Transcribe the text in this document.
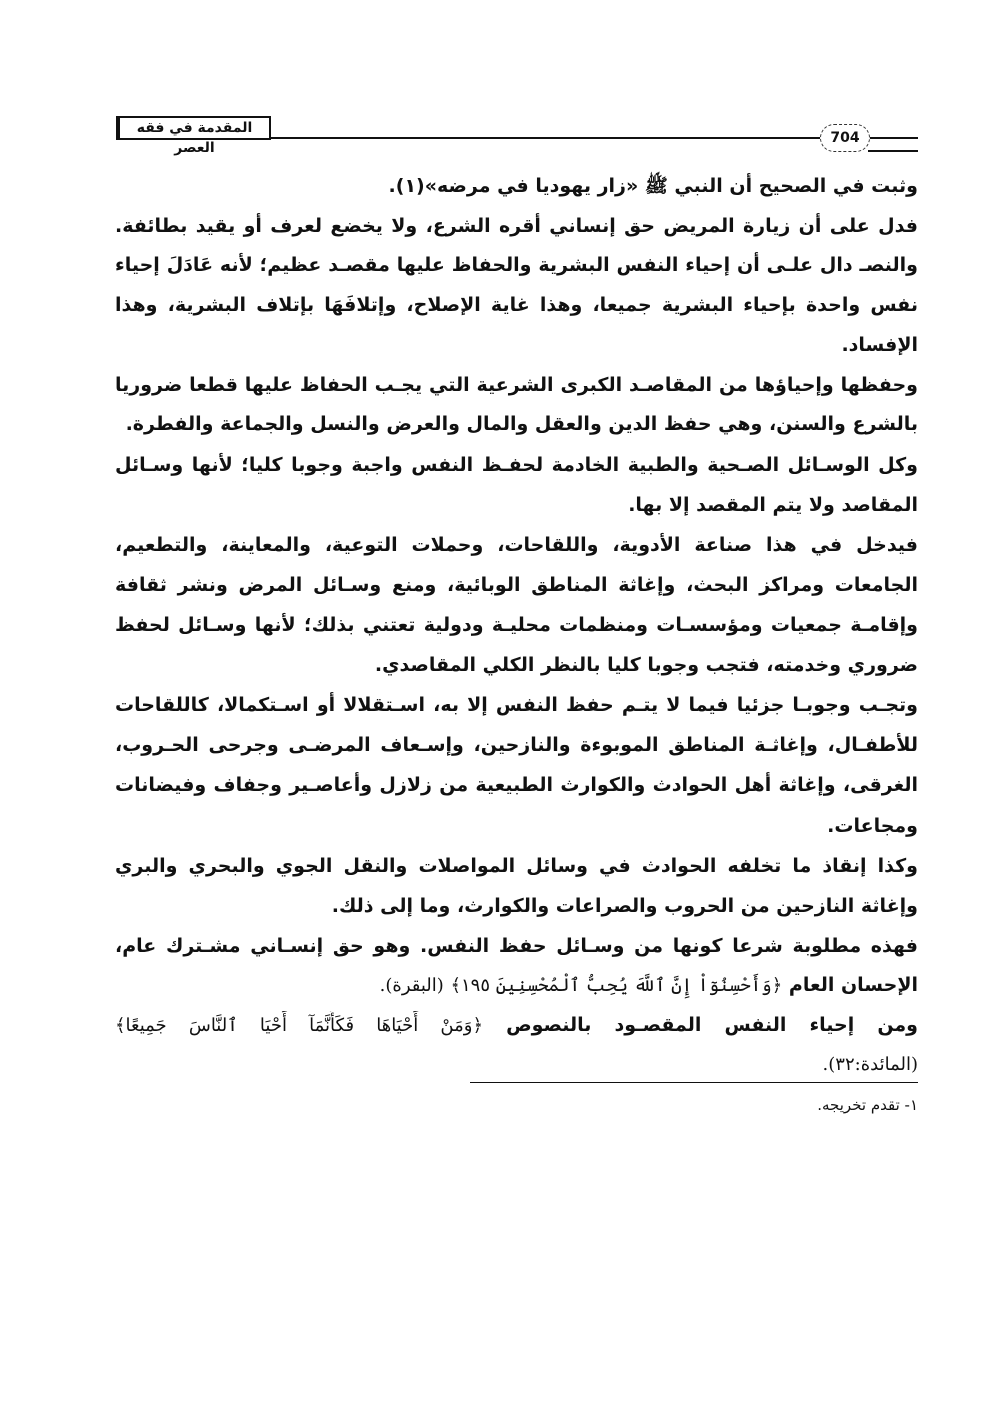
المقدمة في فقه العصر
704
وثبت في الصحيح أن النبي ﷺ «زار يهوديا في مرضه»(١).
فدل على أن زيارة المريض حق إنساني أقره الشرع، ولا يخضع لعرف أو يقيد بطائفة.
والنصـ دال علـى أن إحياء النفس البشرية والحفاظ عليها مقصـد عظيم؛ لأنه عَادَلَ إحياء
نفس واحدة بإحياء البشرية جميعا، وهذا غاية الإصلاح، وإتلافَهَا بإتلاف البشرية، وهذا
الإفساد.
وحفظها وإحياؤها من المقاصـد الكبرى الشرعية التي يجـب الحفاظ عليها قطعا ضروريا
بالشرع والسنن، وهي حفظ الدين والعقل والمال والعرض والنسل والجماعة والفطرة.
وكل الوسـائل الصـحية والطبية الخادمة لحفـظ النفس واجبة وجوبا كليا؛ لأنها وسـائل
المقاصد ولا يتم المقصد إلا بها.
فيدخل في هذا صناعة الأدوية، واللقاحات، وحملات التوعية، والمعاينة، والتطعيم،
الجامعات ومراكز البحث، وإغاثة المناطق الوبائية، ومنع وسـائل المرض ونشر ثقافة
وإقامـة جمعيات ومؤسسـات ومنظمات محليـة ودولية تعتني بذلك؛ لأنها وسـائل لحفظ
ضروري وخدمته، فتجب وجوبا كليا بالنظر الكلي المقاصدي.
وتجـب وجوبـا جزئيا فيما لا يتـم حفظ النفس إلا به، اسـتقلالا أو اسـتكمالا، كاللقاحات
للأطفـال، وإغاثـة المناطق الموبوءة والنازحين، وإسـعاف المرضـى وجرحى الحـروب،
الغرقى، وإغاثة أهل الحوادث والكوارث الطبيعية من زلازل وأعاصـير وجفاف وفيضانات
ومجاعات.
وكذا إنقاذ ما تخلفه الحوادث في وسائل المواصلات والنقل الجوي والبحري والبري
وإغاثة النازحين من الحروب والصراعات والكوارث، وما إلى ذلك.
فهذه مطلوبة شرعا كونها من وسـائل حفظ النفس. وهو حق إنسـاني مشـترك عام،
الإحسان العام ﴿وَأَحْسِنُوٓاْ إِنَّ ٱللَّهَ يُحِبُّ ٱلْمُحْسِنِينَ ١٩٥﴾ (البقرة).
ومن إحياء النفس المقصـود بالنصوص ﴿وَمَنْ أَحْيَاهَا فَكَأَنَّمَآ أَحْيَا ٱلنَّاسَ جَمِيعًا﴾
(المائدة:٣٢).
١- تقدم تخريجه.
